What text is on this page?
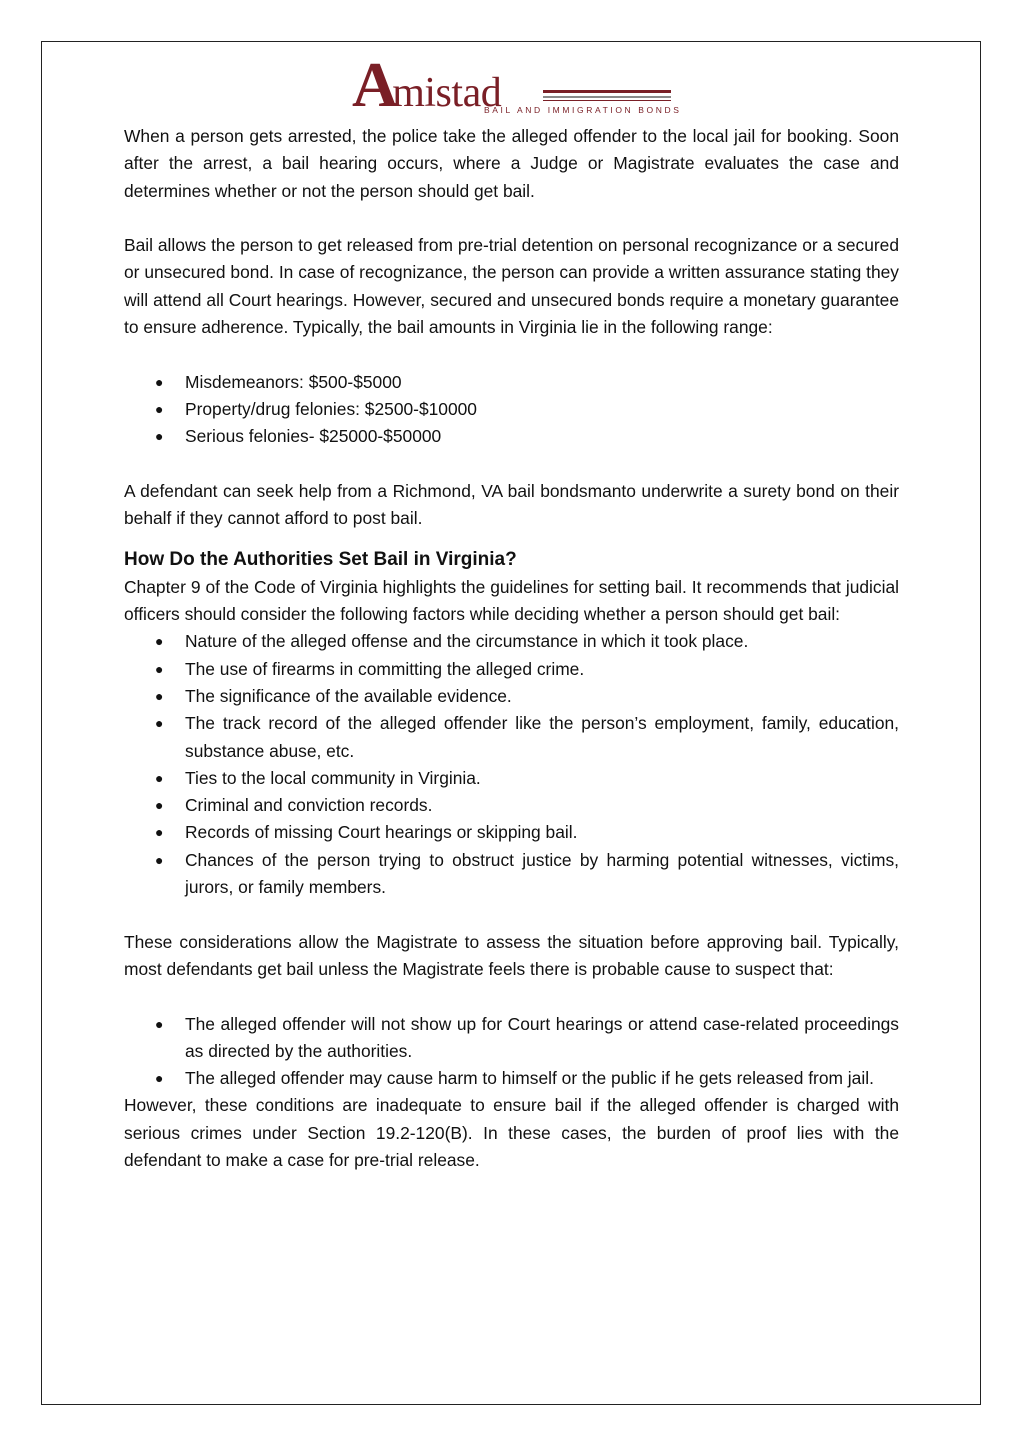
Amistad
BAIL AND IMMIGRATION BONDS

When a person gets arrested, the police take the alleged offender to the local jail for booking. Soon after the arrest, a bail hearing occurs, where a Judge or Magistrate evaluates the case and determines whether or not the person should get bail.

Bail allows the person to get released from pre-trial detention on personal recognizance or a secured or unsecured bond. In case of recognizance, the person can provide a written assurance stating they will attend all Court hearings. However, secured and unsecured bonds require a monetary guarantee to ensure adherence. Typically, the bail amounts in Virginia lie in the following range:

● Misdemeanors: $500-$5000
● Property/drug felonies: $2500-$10000
● Serious felonies- $25000-$50000

A defendant can seek help from a Richmond, VA bail bondsmanto underwrite a surety bond on their behalf if they cannot afford to post bail.

How Do the Authorities Set Bail in Virginia?

Chapter 9 of the Code of Virginia highlights the guidelines for setting bail. It recommends that judicial officers should consider the following factors while deciding whether a person should get bail:

● Nature of the alleged offense and the circumstance in which it took place.
● The use of firearms in committing the alleged crime.
● The significance of the available evidence.
● The track record of the alleged offender like the person’s employment, family, education, substance abuse, etc.
● Ties to the local community in Virginia.
● Criminal and conviction records.
● Records of missing Court hearings or skipping bail.
● Chances of the person trying to obstruct justice by harming potential witnesses, victims, jurors, or family members.

These considerations allow the Magistrate to assess the situation before approving bail. Typically, most defendants get bail unless the Magistrate feels there is probable cause to suspect that:

● The alleged offender will not show up for Court hearings or attend case-related proceedings as directed by the authorities.
● The alleged offender may cause harm to himself or the public if he gets released from jail.

However, these conditions are inadequate to ensure bail if the alleged offender is charged with serious crimes under Section 19.2-120(B). In these cases, the burden of proof lies with the defendant to make a case for pre-trial release.
